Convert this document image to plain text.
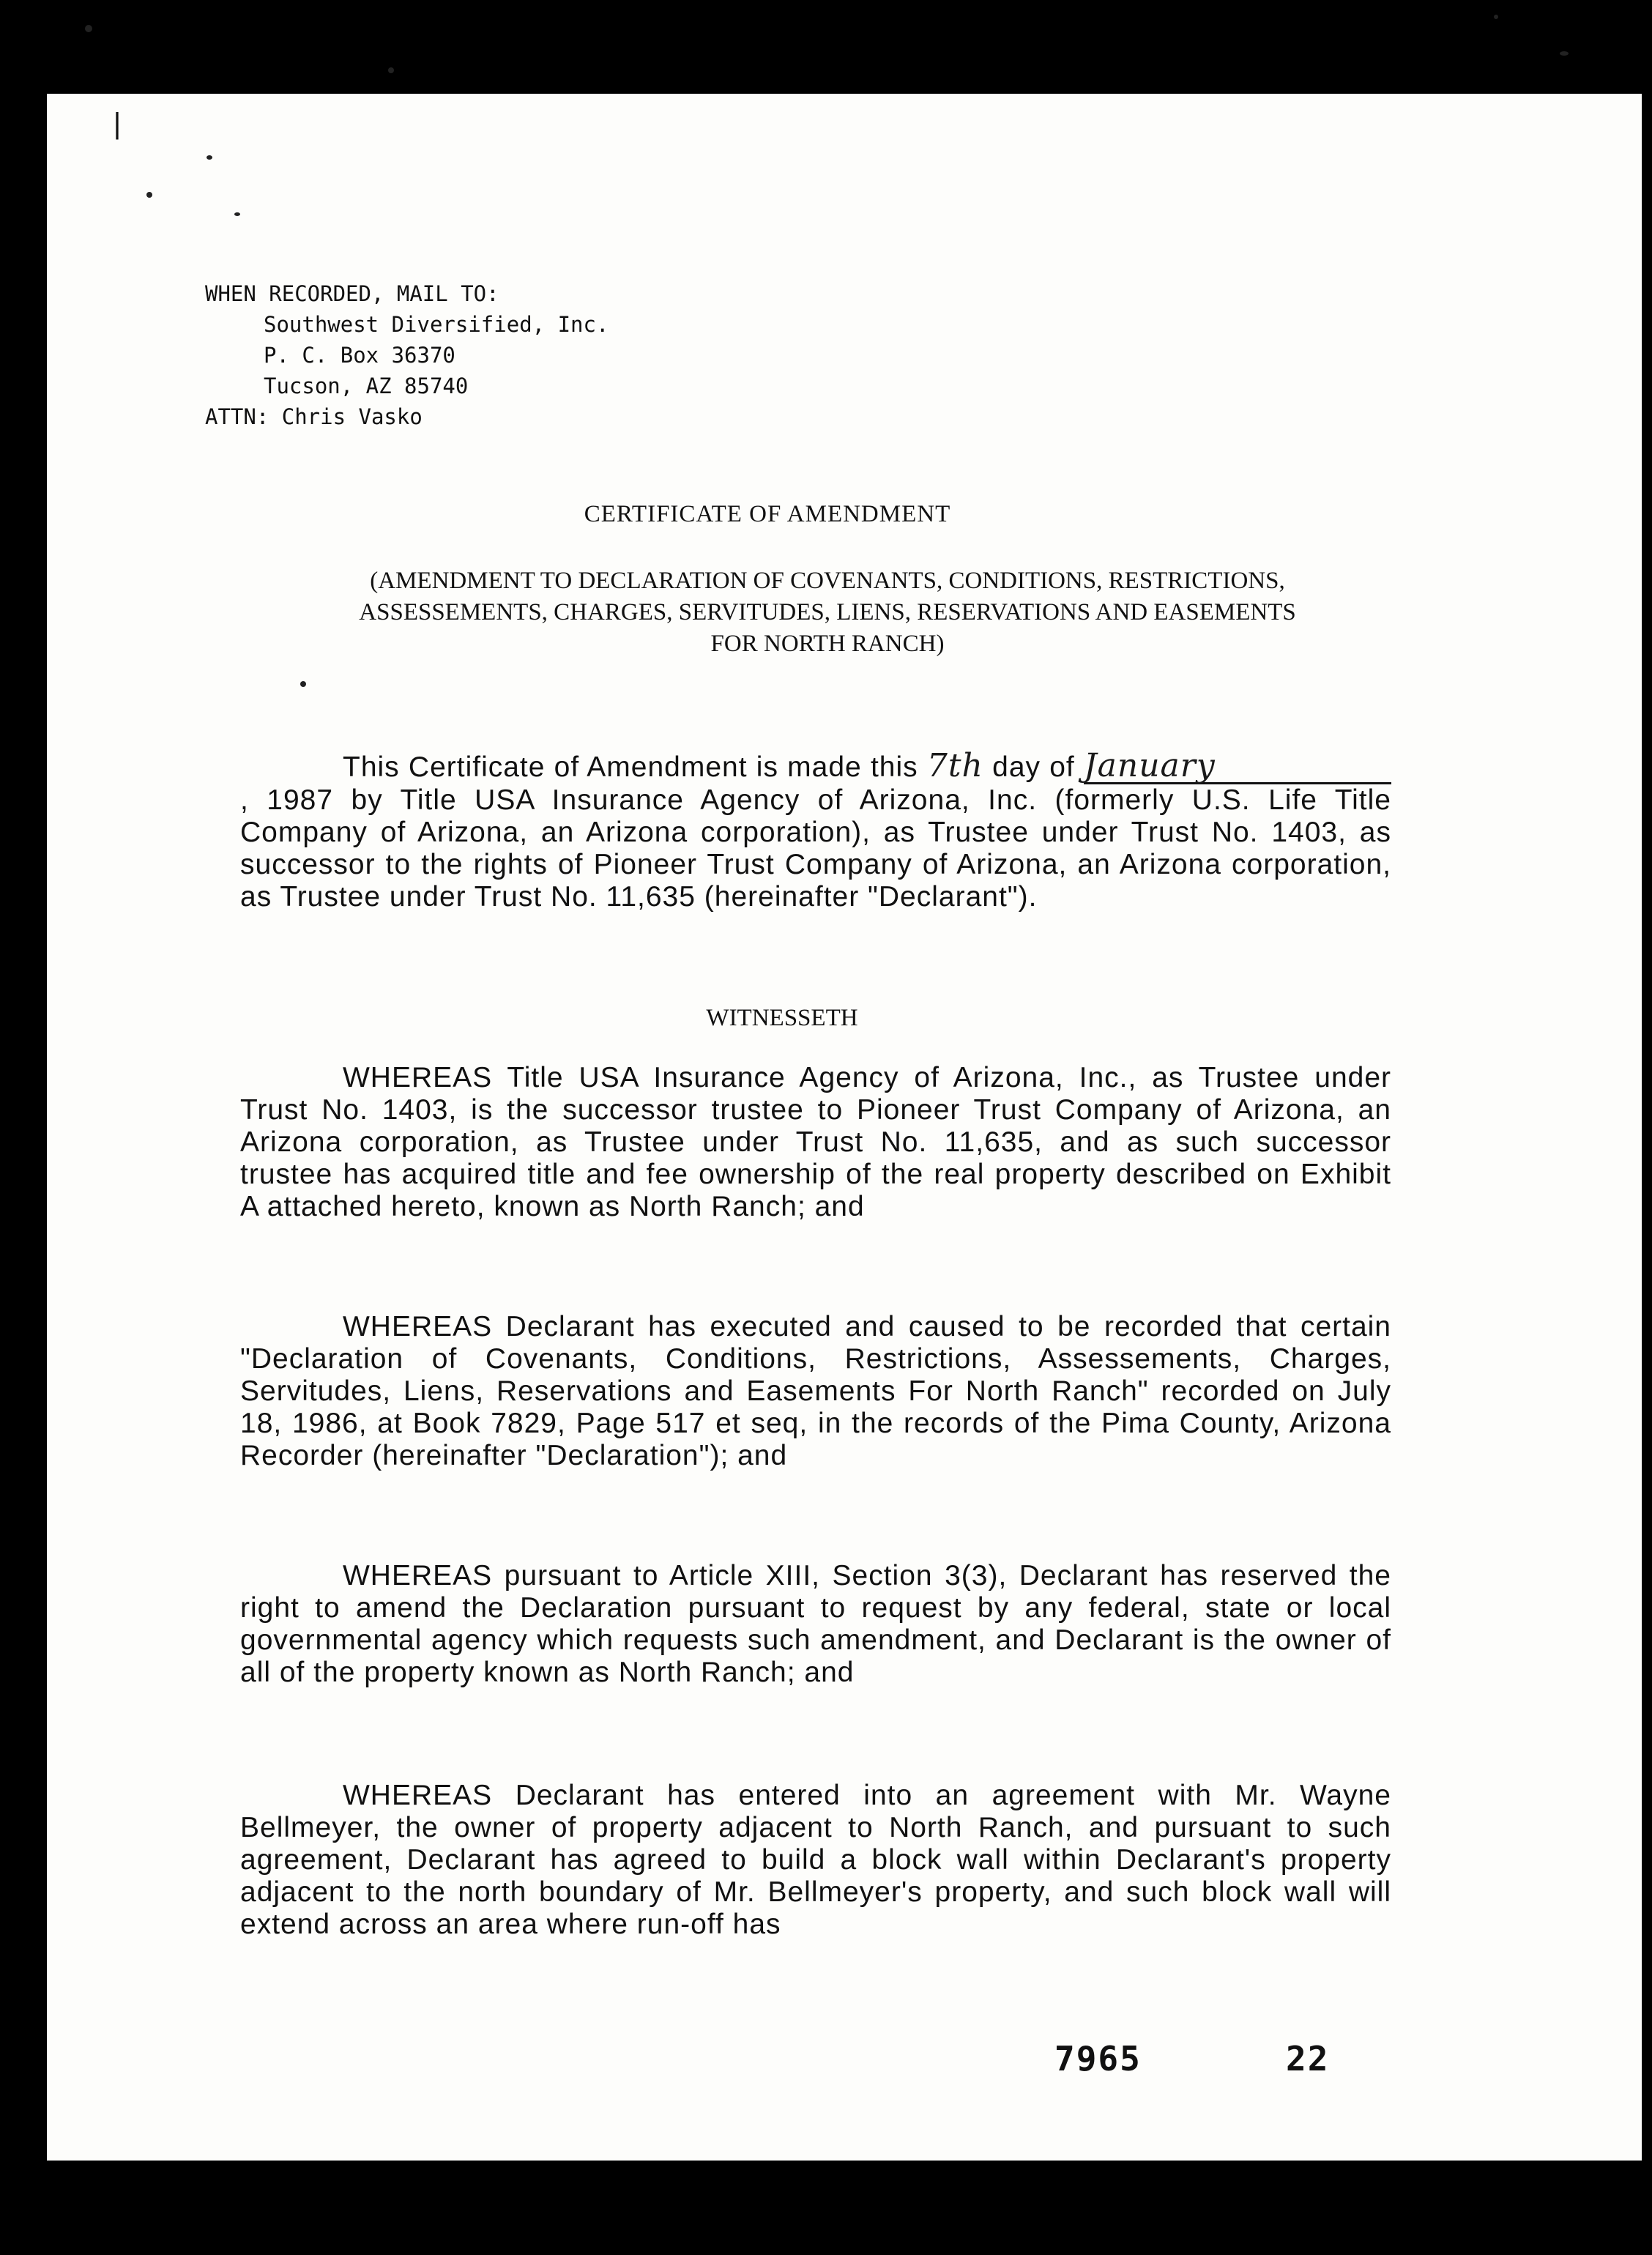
|
WHEN RECORDED, MAIL TO:
Southwest Diversified, Inc.
P. C. Box 36370
Tucson, AZ 85740
ATTN: Chris Vasko
CERTIFICATE OF AMENDMENT
(AMENDMENT TO DECLARATION OF COVENANTS, CONDITIONS, RESTRICTIONS, ASSESSEMENTS, CHARGES, SERVITUDES, LIENS, RESERVATIONS AND EASEMENTS FOR NORTH RANCH)
This Certificate of Amendment is made this 7th day of January, 1987 by Title USA Insurance Agency of Arizona, Inc. (formerly U.S. Life Title Company of Arizona, an Arizona corporation), as Trustee under Trust No. 1403, as successor to the rights of Pioneer Trust Company of Arizona, an Arizona corporation, as Trustee under Trust No. 11,635 (hereinafter "Declarant").
WITNESSETH
WHEREAS Title USA Insurance Agency of Arizona, Inc., as Trustee under Trust No. 1403, is the successor trustee to Pioneer Trust Company of Arizona, an Arizona corporation, as Trustee under Trust No. 11,635, and as such successor trustee has acquired title and fee ownership of the real property described on Exhibit A attached hereto, known as North Ranch; and
WHEREAS Declarant has executed and caused to be recorded that certain "Declaration of Covenants, Conditions, Restrictions, Assessements, Charges, Servitudes, Liens, Reservations and Easements For North Ranch" recorded on July 18, 1986, at Book 7829, Page 517 et seq, in the records of the Pima County, Arizona Recorder (hereinafter "Declaration"); and
WHEREAS pursuant to Article XIII, Section 3(3), Declarant has reserved the right to amend the Declaration pursuant to request by any federal, state or local governmental agency which requests such amendment, and Declarant is the owner of all of the property known as North Ranch; and
WHEREAS Declarant has entered into an agreement with Mr. Wayne Bellmeyer, the owner of property adjacent to North Ranch, and pursuant to such agreement, Declarant has agreed to build a block wall within Declarant's property adjacent to the north boundary of Mr. Bellmeyer's property, and such block wall will extend across an area where run-off has
7965	22
